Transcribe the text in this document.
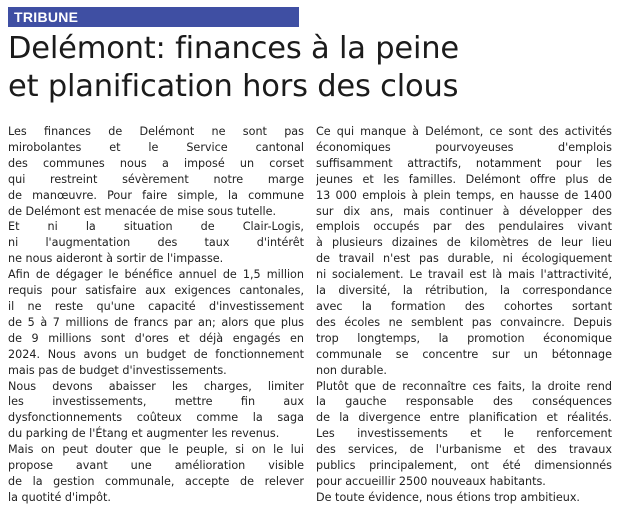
TRIBUNE
Delémont: finances à la peine
et planification hors des clous
Les finances de Delémont ne sont pas
mirobolantes et le Service cantonal
des communes nous a imposé un corset
qui restreint sévèrement notre marge
de manœuvre. Pour faire simple, la commune
de Delémont est menacée de mise sous tutelle.
Et ni la situation de Clair-Logis,
ni l'augmentation des taux d'intérêt
ne nous aideront à sortir de l'impasse.
Afin de dégager le bénéfice annuel de 1,5 million
requis pour satisfaire aux exigences cantonales,
il ne reste qu'une capacité d'investissement
de 5 à 7 millions de francs par an; alors que plus
de 9 millions sont d'ores et déjà engagés en
2024. Nous avons un budget de fonctionnement
mais pas de budget d'investissements.
Nous devons abaisser les charges, limiter
les investissements, mettre fin aux
dysfonctionnements coûteux comme la saga
du parking de l'Étang et augmenter les revenus.
Mais on peut douter que le peuple, si on le lui
propose avant une amélioration visible
de la gestion communale, accepte de relever
la quotité d'impôt.
Ce qui manque à Delémont, ce sont des activités
économiques pourvoyeuses d'emplois
suffisamment attractifs, notamment pour les
jeunes et les familles. Delémont offre plus de
13 000 emplois à plein temps, en hausse de 1400
sur dix ans, mais continuer à développer des
emplois occupés par des pendulaires vivant
à plusieurs dizaines de kilomètres de leur lieu
de travail n'est pas durable, ni écologiquement
ni socialement. Le travail est là mais l'attractivité,
la diversité, la rétribution, la correspondance
avec la formation des cohortes sortant
des écoles ne semblent pas convaincre. Depuis
trop longtemps, la promotion économique
communale se concentre sur un bétonnage
non durable.
Plutôt que de reconnaître ces faits, la droite rend
la gauche responsable des conséquences
de la divergence entre planification et réalités.
Les investissements et le renforcement
des services, de l'urbanisme et des travaux
publics principalement, ont été dimensionnés
pour accueillir 2500 nouveaux habitants.
De toute évidence, nous étions trop ambitieux.
